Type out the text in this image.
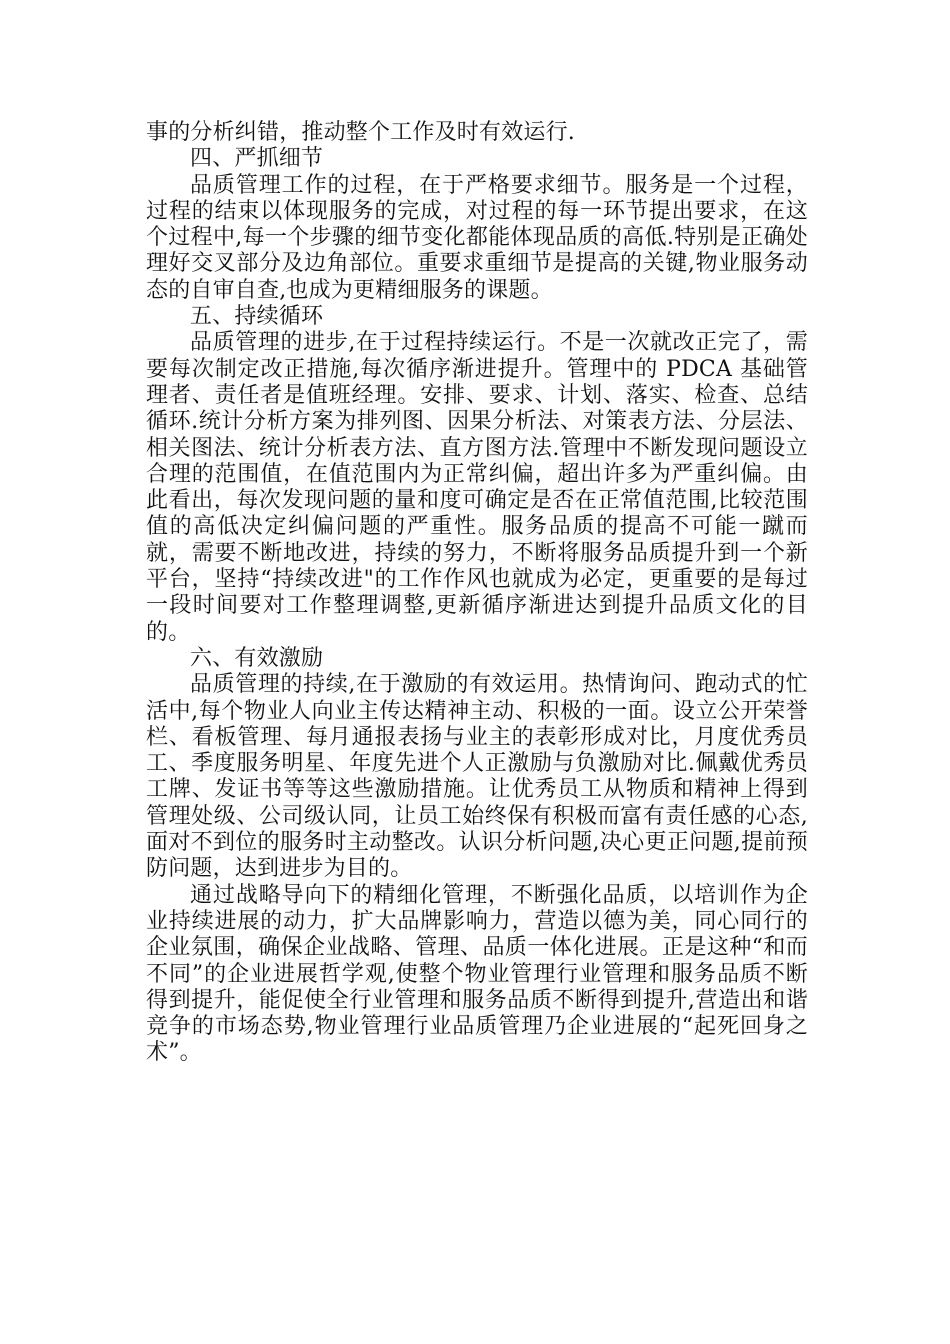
事的分析纠错，推动整个工作及时有效运行.

四、严抓细节

品质管理工作的过程，在于严格要求细节。服务是一个过程，过程的结束以体现服务的完成，对过程的每一环节提出要求，在这个过程中,每一个步骤的细节变化都能体现品质的高低.特别是正确处理好交叉部分及边角部位。重要求重细节是提高的关键,物业服务动态的自审自查,也成为更精细服务的课题。

五、持续循环

品质管理的进步,在于过程持续运行。不是一次就改正完了，需要每次制定改正措施,每次循序渐进提升。管理中的 PDCA 基础管理者、责任者是值班经理。安排、要求、计划、落实、检查、总结循环.统计分析方案为排列图、因果分析法、对策表方法、分层法、相关图法、统计分析表方法、直方图方法.管理中不断发现问题设立合理的范围值，在值范围内为正常纠偏，超出许多为严重纠偏。由此看出，每次发现问题的量和度可确定是否在正常值范围,比较范围值的高低决定纠偏问题的严重性。服务品质的提高不可能一蹴而就，需要不断地改进，持续的努力，不断将服务品质提升到一个新平台，坚持“持续改进"的工作作风也就成为必定，更重要的是每过一段时间要对工作整理调整,更新循序渐进达到提升品质文化的目的。

六、有效激励

品质管理的持续,在于激励的有效运用。热情询问、跑动式的忙活中,每个物业人向业主传达精神主动、积极的一面。设立公开荣誉栏、看板管理、每月通报表扬与业主的表彰形成对比，月度优秀员工、季度服务明星、年度先进个人正激励与负激励对比.佩戴优秀员工牌、发证书等等这些激励措施。让优秀员工从物质和精神上得到管理处级、公司级认同，让员工始终保有积极而富有责任感的心态,面对不到位的服务时主动整改。认识分析问题,决心更正问题,提前预防问题，达到进步为目的。

通过战略导向下的精细化管理，不断强化品质，以培训作为企业持续进展的动力，扩大品牌影响力，营造以德为美，同心同行的企业氛围，确保企业战略、管理、品质一体化进展。正是这种“和而不同”的企业进展哲学观,使整个物业管理行业管理和服务品质不断得到提升，能促使全行业管理和服务品质不断得到提升,营造出和谐竞争的市场态势,物业管理行业品质管理乃企业进展的“起死回身之术”。
